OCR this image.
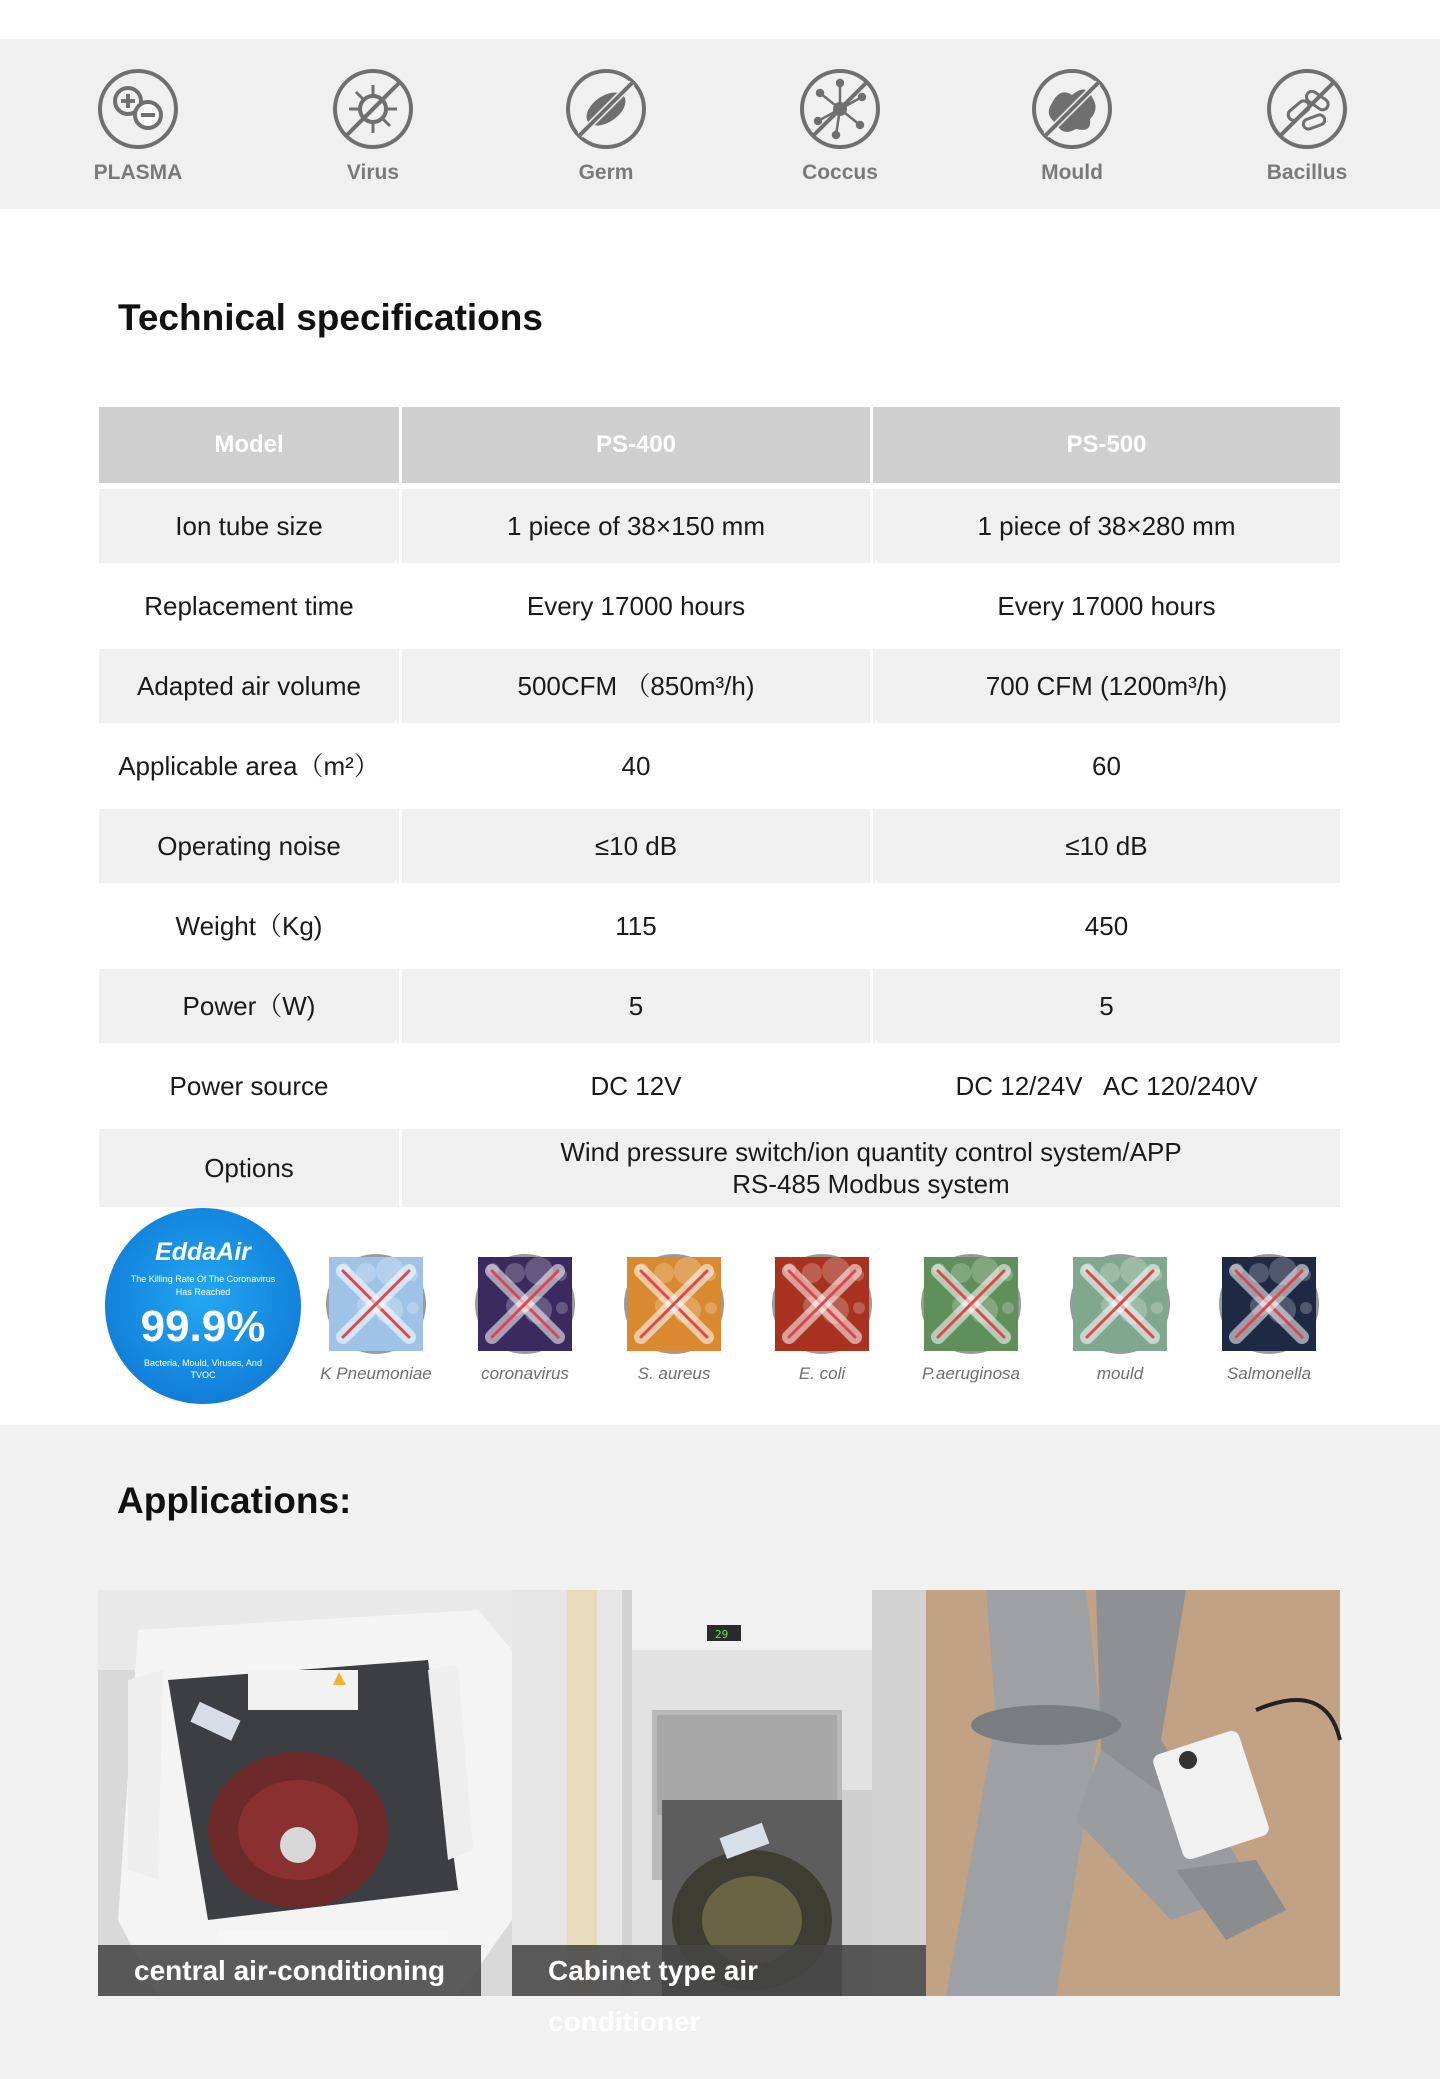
PLASMA	Virus	Germ	Coccus	Mould	Bacillus
Technical specifications
Model	PS-400	PS-500
Ion tube size	1 piece of 38×150 mm	1 piece of 38×280 mm
Replacement time	Every 17000 hours	Every 17000 hours
Adapted air volume	500CFM （850m³/h)	700 CFM (1200m³/h)
Applicable area（m²）	40	60
Operating noise	≤10 dB	≤10 dB
Weight（Kg)	115	450
Power（W)	5	5
Power source	DC 12V	DC 12/24V   AC 120/240V
Options	Wind pressure switch/ion quantity control system/APP
RS-485 Modbus system	
EddaAir
The Killing Rate Of The Coronavirus Has Reached
99.9%
Bacteria, Mould, Viruses, And TVOC	K Pneumoniae	coronavirus	S. aureus	E. coli	P.aeruginosa	mould	Salmonella
Applications:
central air-conditioning
29
Cabinet type air conditioner
